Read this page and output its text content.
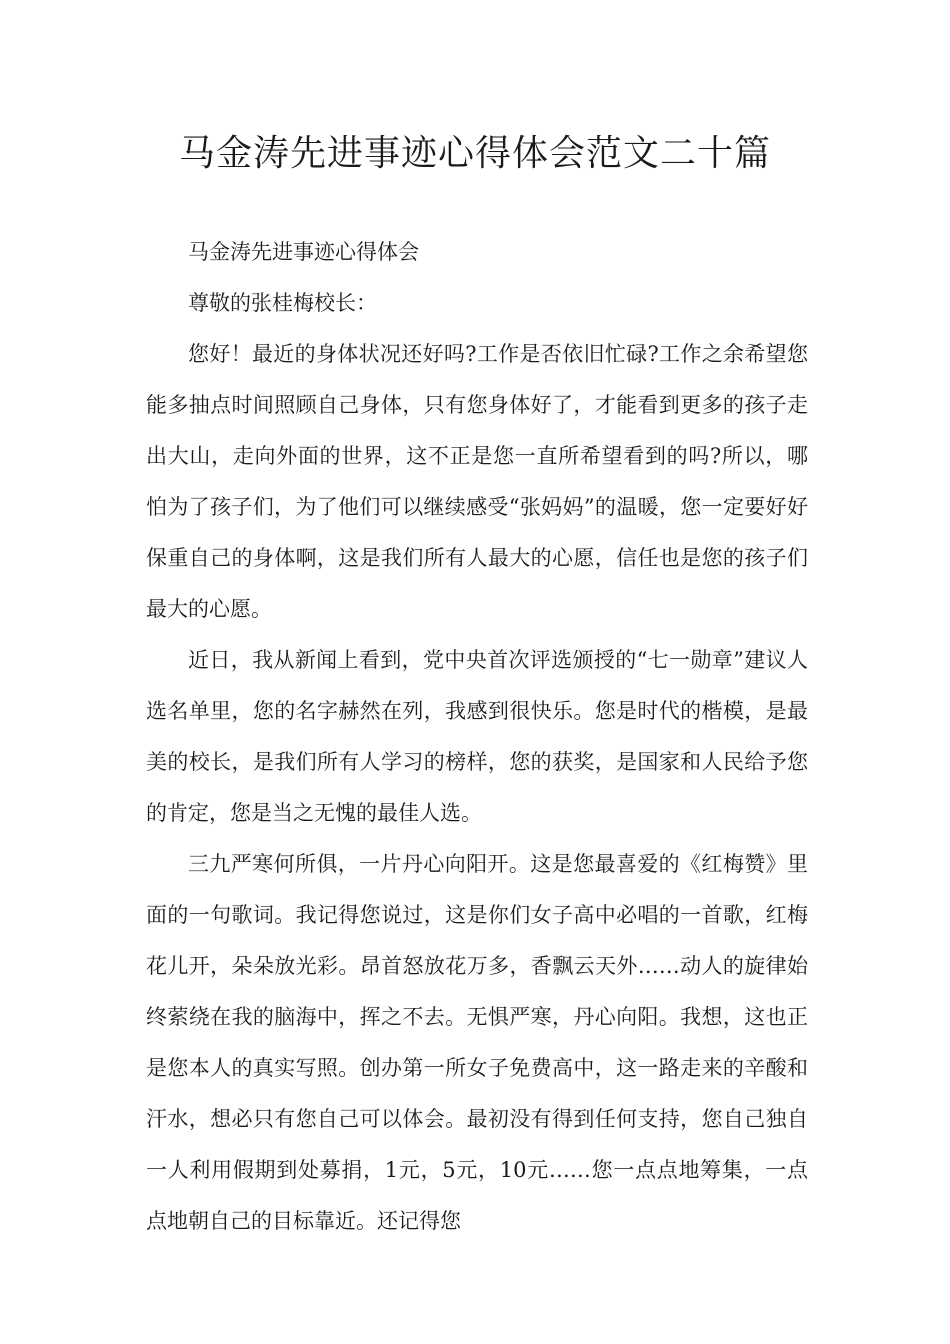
马金涛先进事迹心得体会范文二十篇

马金涛先进事迹心得体会

尊敬的张桂梅校长：

您好！最近的身体状况还好吗?工作是否依旧忙碌?工作之余希望您能多抽点时间照顾自己身体，只有您身体好了，才能看到更多的孩子走出大山，走向外面的世界，这不正是您一直所希望看到的吗?所以，哪怕为了孩子们，为了他们可以继续感受“张妈妈”的温暖，您一定要好好保重自己的身体啊，这是我们所有人最大的心愿，信任也是您的孩子们最大的心愿。

近日，我从新闻上看到，党中央首次评选颁授的“七一勋章”建议人选名单里，您的名字赫然在列，我感到很快乐。您是时代的楷模，是最美的校长，是我们所有人学习的榜样，您的获奖，是国家和人民给予您的肯定，您是当之无愧的最佳人选。

三九严寒何所俱，一片丹心向阳开。这是您最喜爱的《红梅赞》里面的一句歌词。我记得您说过，这是你们女子高中必唱的一首歌，红梅花儿开，朵朵放光彩。昂首怒放花万多，香飘云天外……动人的旋律始终萦绕在我的脑海中，挥之不去。无惧严寒，丹心向阳。我想，这也正是您本人的真实写照。创办第一所女子免费高中，这一路走来的辛酸和汗水，想必只有您自己可以体会。最初没有得到任何支持，您自己独自一人利用假期到处募捐，1元，5元，10元……您一点点地筹集，一点点地朝自己的目标靠近。还记得您
